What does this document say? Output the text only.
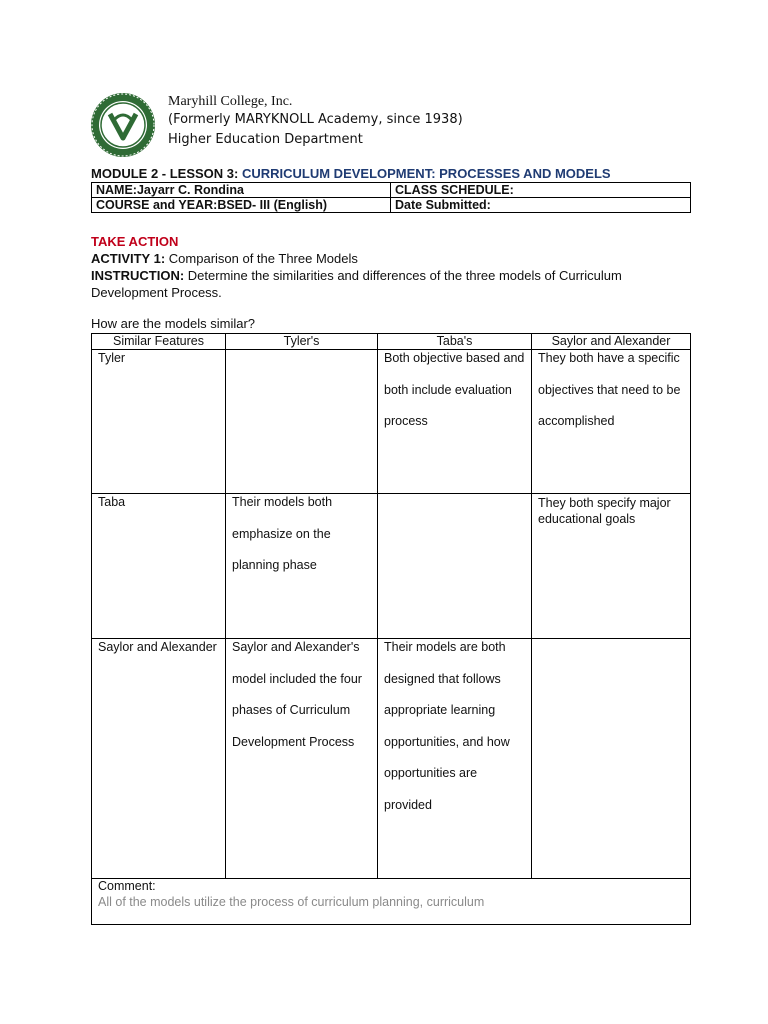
Maryhill College, Inc.
(Formerly MARYKNOLL Academy, since 1938)
Higher Education Department
MODULE 2 - LESSON 3: CURRICULUM DEVELOPMENT: PROCESSES AND MODELS
NAME:Jayarr C. Rondina	CLASS SCHEDULE:
COURSE and YEAR:BSED- III (English)	Date Submitted:
TAKE ACTION
ACTIVITY 1: Comparison of the Three Models
INSTRUCTION: Determine the similarities and differences of the three models of Curriculum Development Process.
How are the models similar?
Similar Features	Tyler's	Taba's	Saylor and Alexander

Tyler		Both objective based and both include evaluation process	They both have a specific objectives that need to be accomplished

Taba	Their models both emphasize on the planning phase		They both specify major educational goals

Saylor and Alexander	Saylor and Alexander's model included the four phases of Curriculum Development Process	Their models are both designed that follows appropriate learning opportunities, and how opportunities are provided	

Comment:
All of the models utilize the process of curriculum planning, curriculum			
